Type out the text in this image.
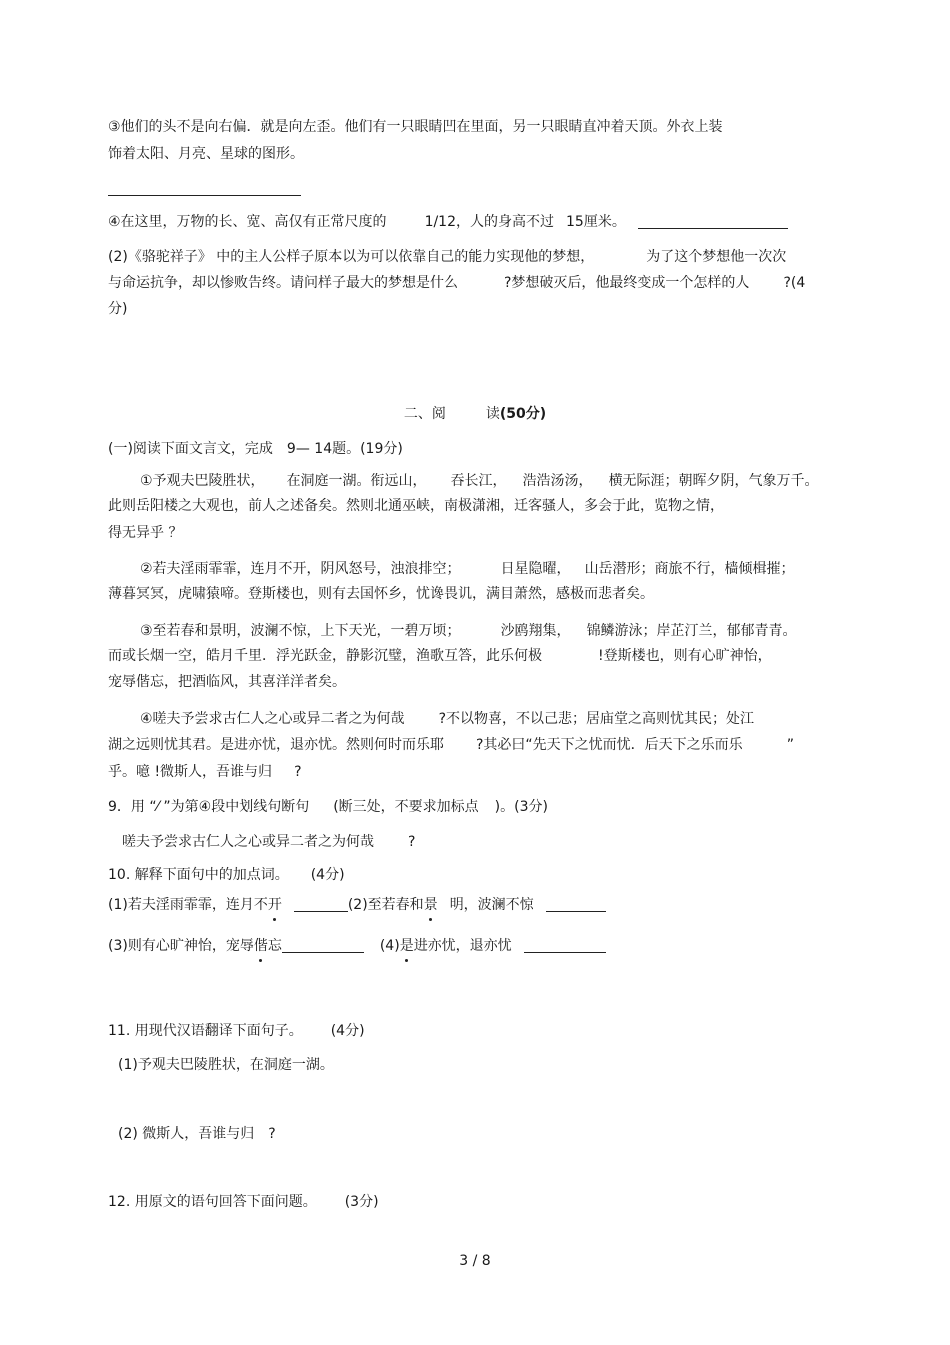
③他们的头不是向右偏．就是向左歪。他们有一只眼睛凹在里面，另一只眼睛直冲着天顶。外衣上装
饰着太阳、月亮、星球的图形。
④在这里，万物的长、宽、高仅有正常尺度的	1/12，人的身高不过 15厘米。
(2)《骆驼祥子》 中的主人公样子原本以为可以依靠自己的能力实现他的梦想，	为了这个梦想他一次次
与命运抗争，却以惨败告终。请问样子最大的梦想是什么	?梦想破灭后，他最终变成一个怎样的人 ?(4
分)
二、阅	读(50分)
(一)阅读下面文言文，完成　9— 14题。(19分)
①予观夫巴陵胜状， 在洞庭一湖。衔远山， 吞长江， 浩浩汤汤， 横无际涯；朝晖夕阴，气象万千。
此则岳阳楼之大观也，前人之述备矣。然则北通巫峡，南极潇湘，迁客骚人，多会于此，览物之情，
得无异乎 ？
②若夫淫雨霏霏，连月不开，阴风怒号，浊浪排空；	日星隐曜， 山岳潜形；商旅不行，樯倾楫摧；
薄暮冥冥，虎啸猿啼。登斯楼也，则有去国怀乡，忧谗畏讥，满目萧然，感极而悲者矣。
③至若春和景明，波澜不惊，上下天光，一碧万顷；	沙鸥翔集， 锦鳞游泳；岸芷汀兰，郁郁青青。
而或长烟一空，皓月千里．浮光跃金，静影沉璧，渔歌互答，此乐何极	!登斯楼也，则有心旷神怡，
宠辱偕忘，把酒临风，其喜洋洋者矣。
④嗟夫予尝求古仁人之心或异二者之为何哉 ?不以物喜，不以己悲；居庙堂之高则忧其民；处江
湖之远则忧其君。是进亦忧，退亦忧。然则何时而乐耶 ?其必曰“先天下之忧而忧．后天下之乐而乐	”
乎。噫 !微斯人，吾谁与归 ?
9．用 “⁄ ”为第④段中划线句断句 (断三处，不要求加标点 )。(3分)
嗟夫予尝求古仁人之心或异二者之为何哉 ?
10. 解释下面句中的加点词。 (4分)
(1)若夫淫雨霏霏，连月不开	(2)至若春和景 明，波澜不惊
(3)则有心旷神怡，宠辱偕忘	(4)是进亦忧，退亦忧
11. 用现代汉语翻译下面句子。 (4分)
(1)予观夫巴陵胜状，在洞庭一湖。
(2) 微斯人，吾谁与归　?
12. 用原文的语句回答下面问题。 (3分)
3 / 8
